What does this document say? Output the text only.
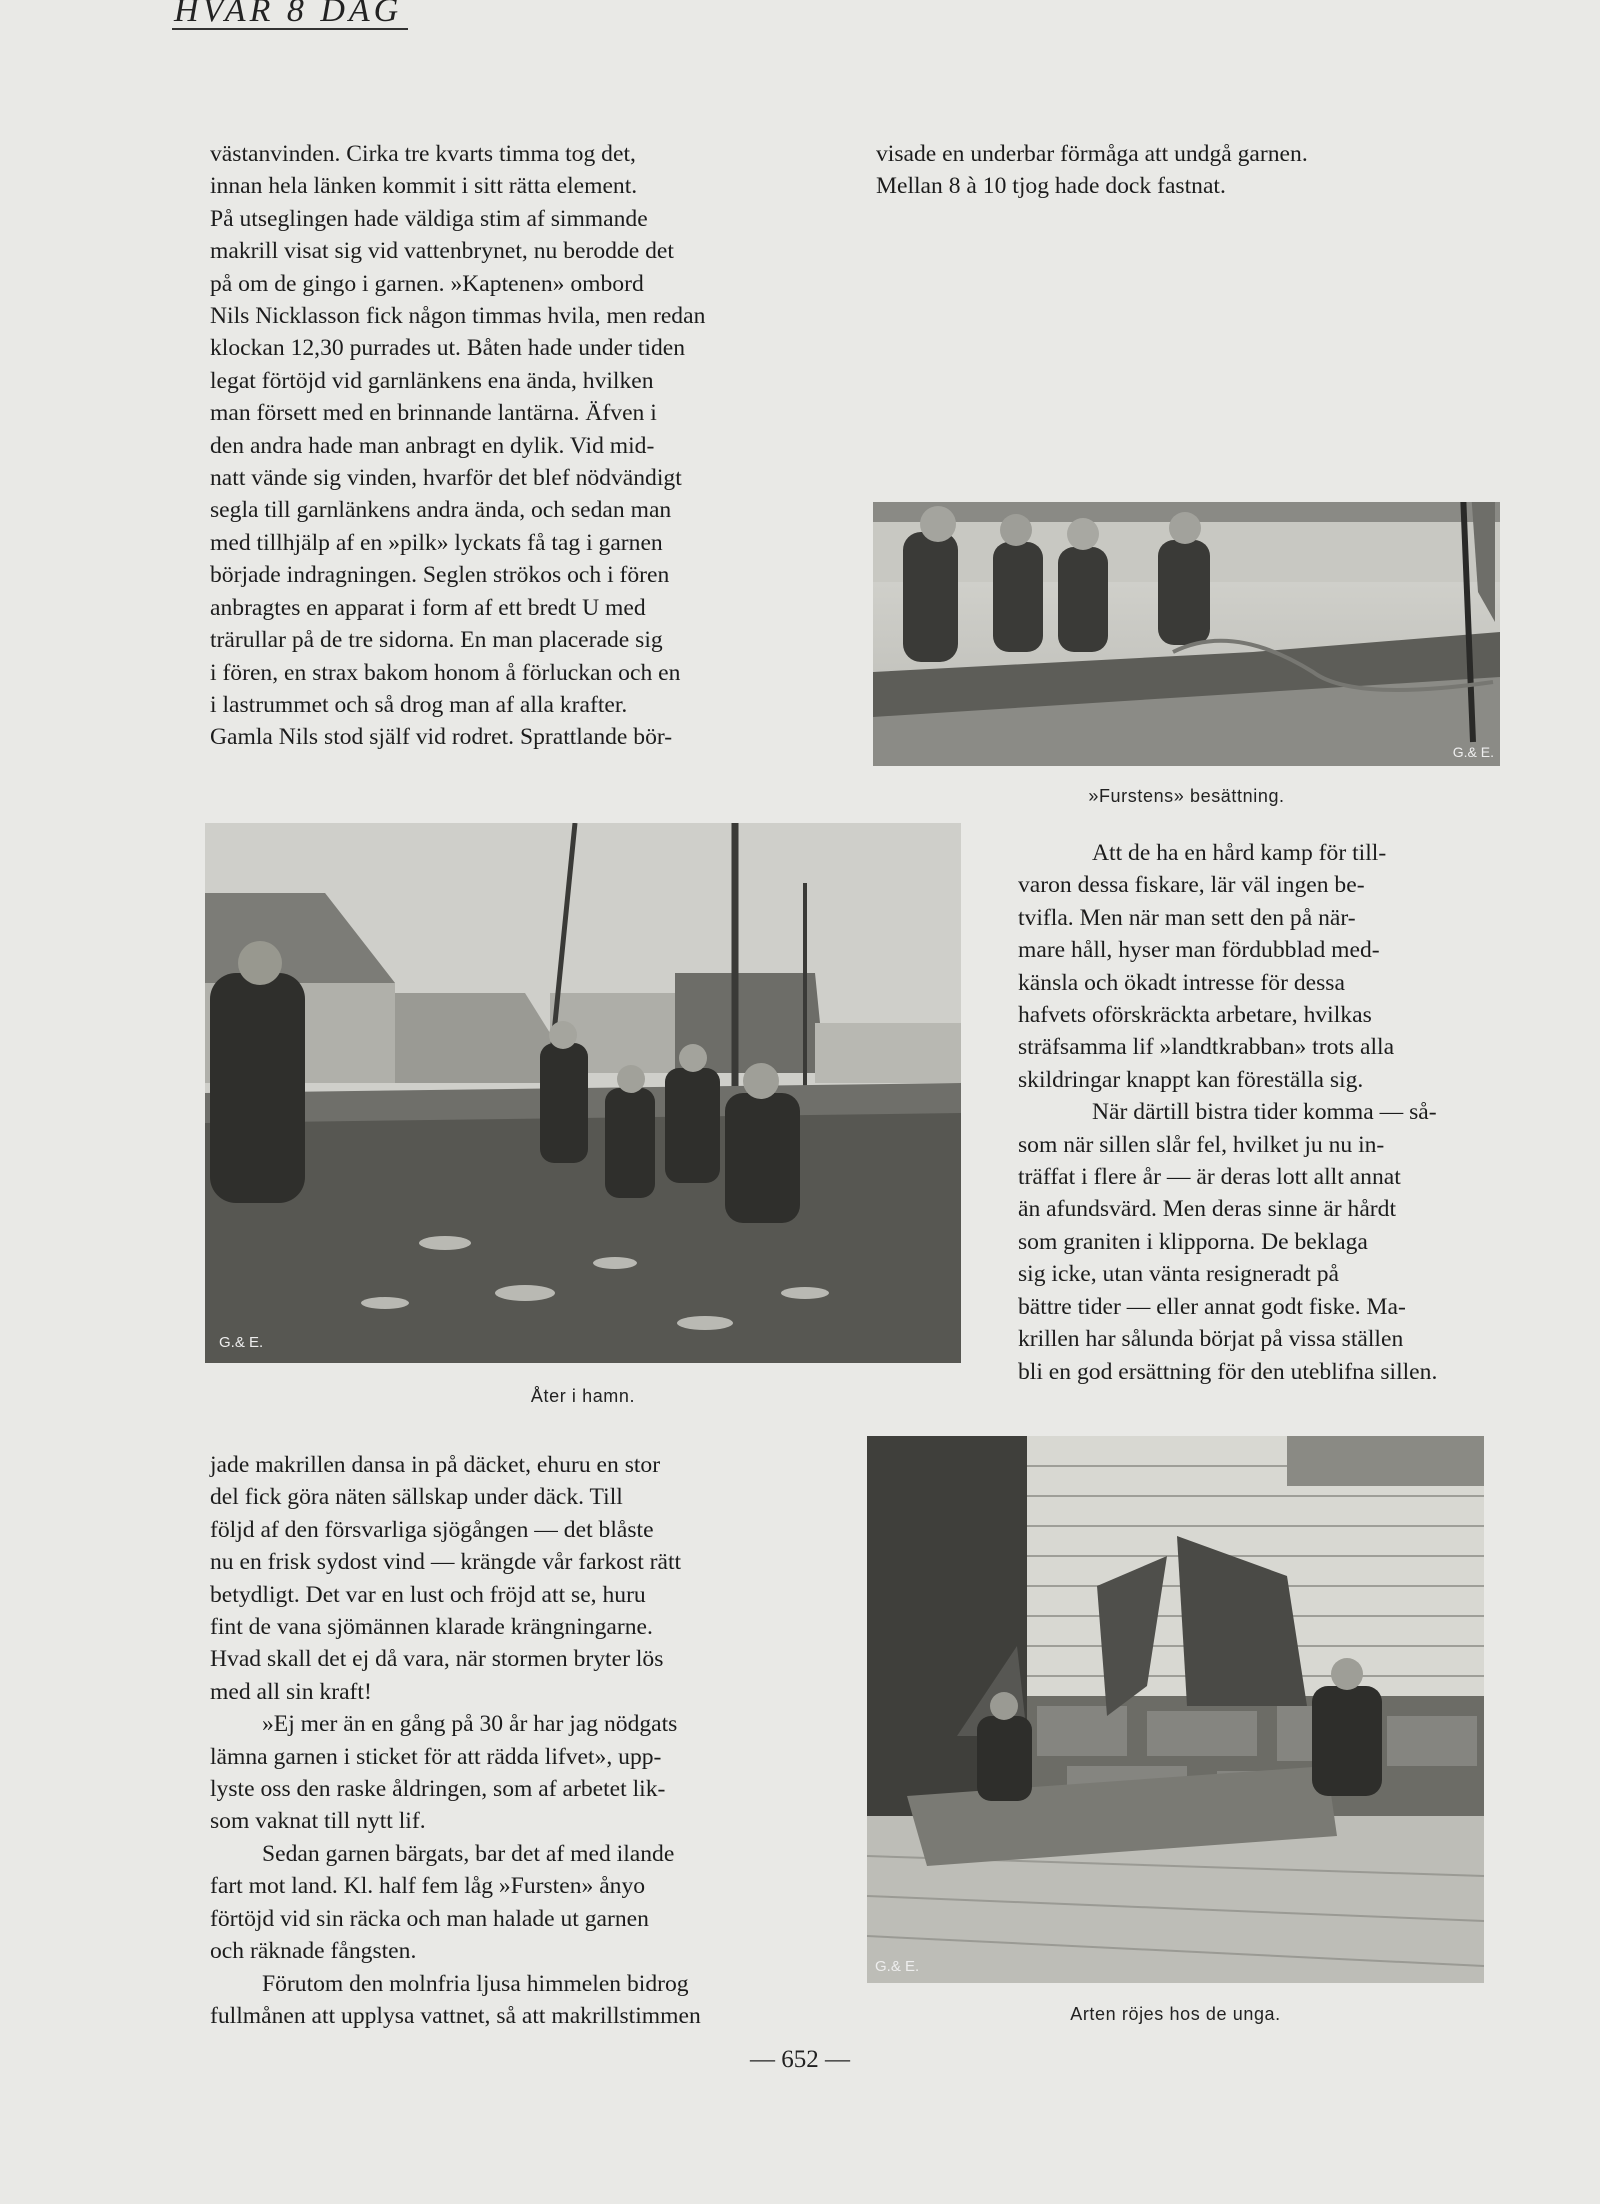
HVAR 8 DAG

västanvinden. Cirka tre kvarts timma tog det,
innan hela länken kommit i sitt rätta element.
På utseglingen hade väldiga stim af simmande
makrill visat sig vid vattenbrynet, nu berodde det
på om de gingo i garnen. »Kaptenen» ombord
Nils Nicklasson fick någon timmas hvila, men redan
klockan 12,30 purrades ut. Båten hade under tiden
legat förtöjd vid garnlänkens ena ända, hvilken
man försett med en brinnande lantärna. Äfven i
den andra hade man anbragt en dylik. Vid mid-
natt vände sig vinden, hvarför det blef nödvändigt
segla till garnlänkens andra ända, och sedan man
med tillhjälp af en »pilk» lyckats få tag i garnen
började indragningen. Seglen strökos och i fören
anbragtes en apparat i form af ett bredt U med
trärullar på de tre sidorna. En man placerade sig
i fören, en strax bakom honom å förluckan och en
i lastrummet och så drog man af alla krafter.
Gamla Nils stod själf vid rodret. Sprattlande bör-

visade en underbar förmåga att undgå garnen.
Mellan 8 à 10 tjog hade dock fastnat.

G.& E.
»Furstens» besättning.
G.& E.
Åter i hamn.

Att de ha en hård kamp för till-
varon dessa fiskare, lär väl ingen be-
tvifla. Men när man sett den på när-
mare håll, hyser man fördubblad med-
känsla och ökadt intresse för dessa
hafvets oförskräckta arbetare, hvilkas
sträfsamma lif »landtkrabban» trots alla
skildringar knappt kan föreställa sig.

När därtill bistra tider komma — så-
som när sillen slår fel, hvilket ju nu in-
träffat i flere år — är deras lott allt annat
än afundsvärd. Men deras sinne är hårdt
som graniten i klipporna. De beklaga
sig icke, utan vänta resigneradt på
bättre tider — eller annat godt fiske. Ma-
krillen har sålunda börjat på vissa ställen
bli en god ersättning för den uteblifna sillen.

jade makrillen dansa in på däcket, ehuru en stor
del fick göra näten sällskap under däck. Till
följd af den försvarliga sjögången — det blåste
nu en frisk sydost vind — krängde vår farkost rätt
betydligt. Det var en lust och fröjd att se, huru
fint de vana sjömännen klarade krängningarne.
Hvad skall det ej då vara, när stormen bryter lös
med all sin kraft!

»Ej mer än en gång på 30 år har jag nödgats
lämna garnen i sticket för att rädda lifvet», upp-
lyste oss den raske åldringen, som af arbetet lik-
som vaknat till nytt lif.

Sedan garnen bärgats, bar det af med ilande
fart mot land. Kl. half fem låg »Fursten» ånyo
förtöjd vid sin räcka och man halade ut garnen
och räknade fångsten.

Förutom den molnfria ljusa himmelen bidrog
fullmånen att upplysa vattnet, så att makrillstimmen

G.& E.
Arten röjes hos de unga.
— 652 —
